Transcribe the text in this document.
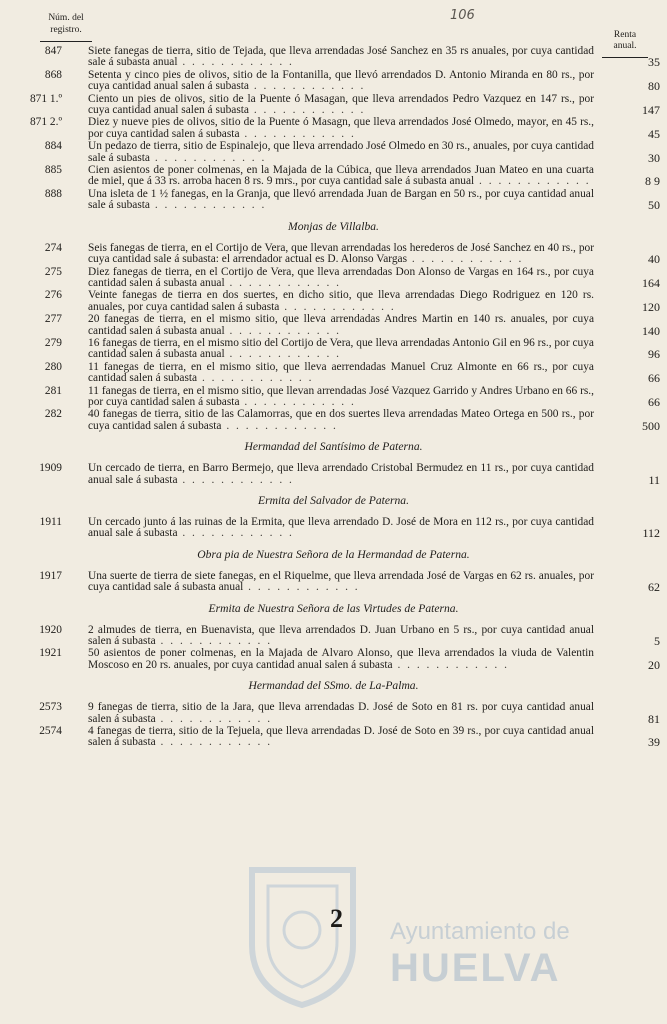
Núm. del
registro.
106
Renta
anual.
847 Siete fanegas de tierra, sitio de Tejada, que lleva arrendadas José Sanchez en 35 rs anuales, por cuya cantidad sale á subasta anual . . .	35
868 Setenta y cinco pies de olivos, sitio de la Fontanilla, que llevó arrendados D. Antonio Miranda en 80 rs., por cuya cantidad anual salen á subasta . . .	80
871 1.º Ciento un pies de olivos, sitio de la Puente ó Masagan, que lleva arrendados Pedro Vazquez en 147 rs., por cuya cantidad anual salen á subasta . . .	147
871 2.º Diez y nueve pies de olivos, sitio de la Puente ó Masagn, que lleva arrendados José Olmedo, mayor, en 45 rs., por cuya cantidad salen á subasta . . .	45
884 Un pedazo de tierra, sitio de Espinalejo, que lleva arrendado José Olmedo en 30 rs., anuales, por cuya cantidad sale á subasta . . .	30
885 Cien asientos de poner colmenas, en la Majada de la Cúbica, que lleva arrendados Juan Mateo en una cuarta de miel, que á 33 rs. arroba hacen 8 rs. 9 mrs., por cuya cantidad sale á subasta anual . . .	8 9
888 Una isleta de 1 ½ fanegas, en la Granja, que llevó arrendada Juan de Bargan en 50 rs., por cuya cantidad anual sale á subasta . . .	50
Monjas de Villalba.
274 Seis fanegas de tierra, en el Cortijo de Vera, que llevan arrendadas los herederos de José Sanchez en 40 rs., por cuya cantidad sale á subasta: el arrendador actual es D. Alonso Vargas . . .	40
275 Diez fanegas de tierra, en el Cortijo de Vera, que lleva arrendadas Don Alonso de Vargas en 164 rs., por cuya cantidad salen á subasta anual . . .	164
276 Veinte fanegas de tierra en dos suertes, en dicho sitio, que lleva arrendadas Diego Rodriguez en 120 rs. anuales, por cuya cantidad salen á subasta . . .	120
277 20 fanegas de tierra, en el mismo sitio, que lleva arrendadas Andres Martin en 140 rs. anuales, por cuya cantidad salen á subasta anual . . .	140
279 16 fanegas de tierra, en el mismo sitio del Cortijo de Vera, que lleva arrendadas Antonio Gil en 96 rs., por cuya cantidad salen á subasta anual . . .	96
280 11 fanegas de tierra, en el mismo sitio, que lleva aerrendadas Manuel Cruz Almonte en 66 rs., por cuya cantidad salen á subasta . . .	66
281 11 fanegas de tierra, en el mismo sitio, que llevan arrendadas José Vazquez Garrido y Andres Urbano en 66 rs., por cuya cantidad salen á subasta . . .	66
282 40 fanegas de tierra, sitio de las Calamorras, que en dos suertes lleva arrendadas Mateo Ortega en 500 rs., por cuya cantidad salen á subasta . . .	500
Hermandad del Santísimo de Paterna.
1909 Un cercado de tierra, en Barro Bermejo, que lleva arrendado Cristobal Bermudez en 11 rs., por cuya cantidad anual sale á subasta . . .	11
Ermita del Salvador de Paterna.
1911 Un cercado junto á las ruinas de la Ermita, que lleva arrendado D. José de Mora en 112 rs., por cuya cantidad anual sale á subasta . . .	112
Obra pia de Nuestra Señora de la Hermandad de Paterna.
1917 Una suerte de tierra de siete fanegas, en el Riquelme, que lleva arrendada José de Vargas en 62 rs. anuales, por cuya cantidad sale á subasta anual . . .	62
Ermita de Nuestra Señora de las Virtudes de Paterna.
1920 2 almudes de tierra, en Buenavista, que lleva arrendados D. Juan Urbano en 5 rs., por cuya cantidad anual salen á subasta . . .	5
1921 50 asientos de poner colmenas, en la Majada de Alvaro Alonso, que lleva arrendados la viuda de Valentin Moscoso en 20 rs. anuales, por cuya cantidad anual salen á subasta . . .	20
Hermandad del SSmo. de La-Palma.
2573 9 fanegas de tierra, sitio de la Jara, que lleva arrendadas D. José de Soto en 81 rs. por cuya cantidad anual salen á subasta . . .	81
2574 4 fanegas de tierra, sitio de la Tejuela, que lleva arrendadas D. José de Soto en 39 rs., por cuya cantidad anual salen á subasta . . .	39
Ayuntamiento de
HUELVA
2
